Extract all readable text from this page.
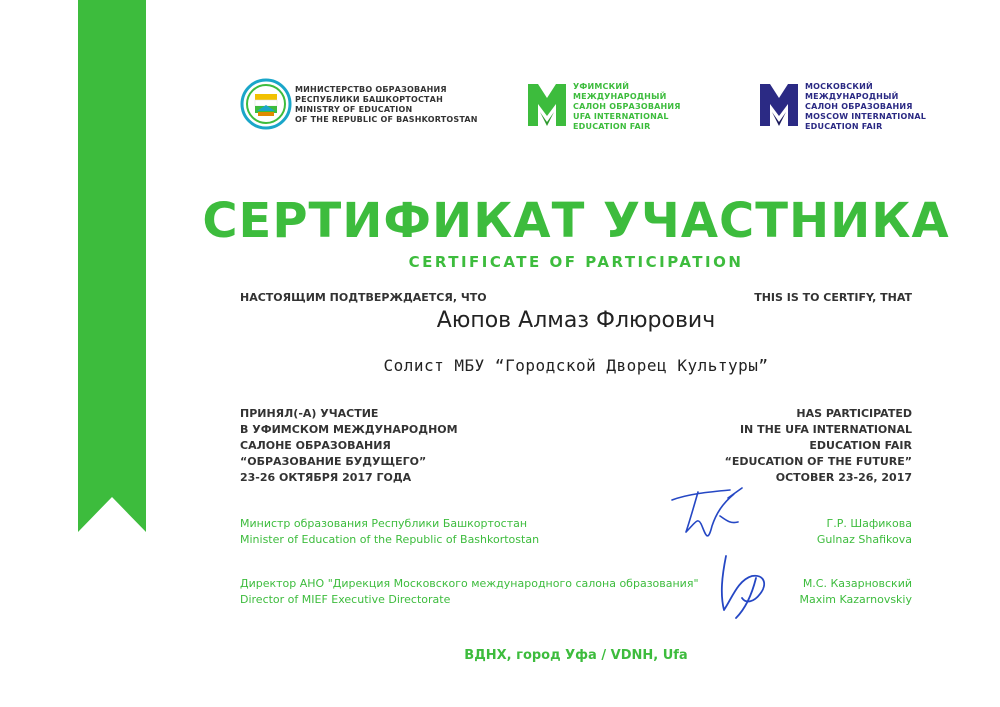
МИНИСТЕРСТВО ОБРАЗОВАНИЯ
РЕСПУБЛИКИ БАШКОРТОСТАН
MINISTRY OF EDUCATION
OF THE REPUBLIC OF BASHKORTOSTAN
УФИМСКИЙ
МЕЖДУНАРОДНЫЙ
САЛОН ОБРАЗОВАНИЯ
UFA INTERNATIONAL
EDUCATION FAIR
МОСКОВСКИЙ
МЕЖДУНАРОДНЫЙ
САЛОН ОБРАЗОВАНИЯ
MOSCOW INTERNATIONAL
EDUCATION FAIR
СЕРТИФИКАТ УЧАСТНИКА
CERTIFICATE OF PARTICIPATION
НАСТОЯЩИМ ПОДТВЕРЖДАЕТСЯ, ЧТО	THIS IS TO CERTIFY, THAT
Аюпов Алмаз Флюрович
Солист МБУ “Городской Дворец Культуры”
ПРИНЯЛ(-А) УЧАСТИЕ
В УФИМСКОМ МЕЖДУНАРОДНОМ
САЛОНЕ ОБРАЗОВАНИЯ
“ОБРАЗОВАНИЕ БУДУЩЕГО”
23-26 ОКТЯБРЯ 2017 ГОДА
HAS PARTICIPATED
IN THE UFA INTERNATIONAL
EDUCATION FAIR
“EDUCATION OF THE FUTURE”
OCTOBER 23-26, 2017
Министр образования Республики Башкортостан
Minister of Education of the Republic of Bashkortostan
Г.Р. Шафикова
Gulnaz Shafikova
Директор АНО "Дирекция Московского международного салона образования"
Director of MIEF Executive Directorate
М.С. Казарновский
Maxim Kazarnovskiy
ВДНХ, город Уфа / VDNH, Ufa
